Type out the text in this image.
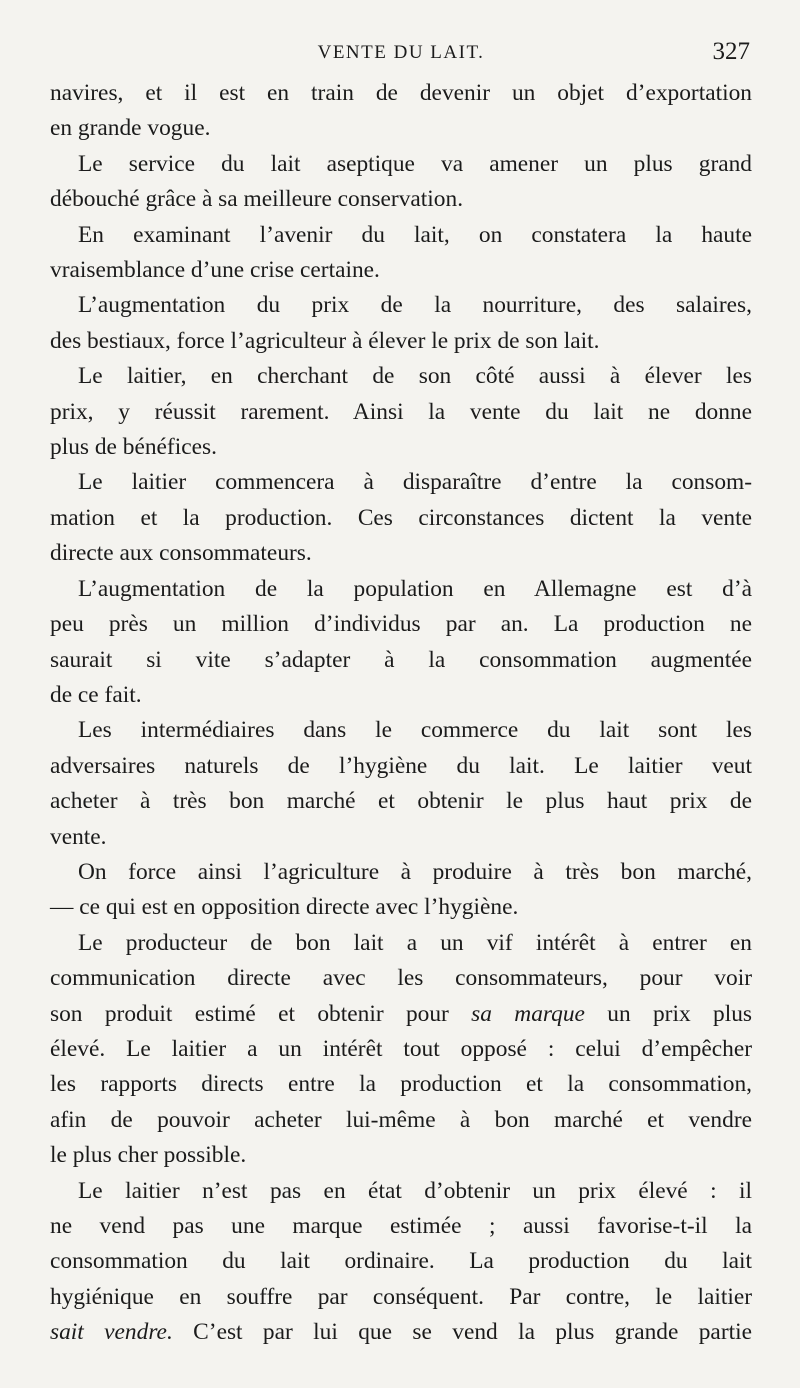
VENTE DU LAIT.	327

navires, et il est en train de devenir un objet d’exportation
en grande vogue.

Le service du lait aseptique va amener un plus grand
débouché grâce à sa meilleure conservation.

En examinant l’avenir du lait, on constatera la haute
vraisemblance d’une crise certaine.

L’augmentation du prix de la nourriture, des salaires,
des bestiaux, force l’agriculteur à élever le prix de son lait.

Le laitier, en cherchant de son côté aussi à élever les
prix, y réussit rarement. Ainsi la vente du lait ne donne
plus de bénéfices.

Le laitier commencera à disparaître d’entre la consom-
mation et la production. Ces circonstances dictent la vente
directe aux consommateurs.

L’augmentation de la population en Allemagne est d’à
peu près un million d’individus par an. La production ne
saurait si vite s’adapter à la consommation augmentée
de ce fait.

Les intermédiaires dans le commerce du lait sont les
adversaires naturels de l’hygiène du lait. Le laitier veut
acheter à très bon marché et obtenir le plus haut prix de
vente.

On force ainsi l’agriculture à produire à très bon marché,
— ce qui est en opposition directe avec l’hygiène.

Le producteur de bon lait a un vif intérêt à entrer en
communication directe avec les consommateurs, pour voir
son produit estimé et obtenir pour sa marque un prix plus
élevé. Le laitier a un intérêt tout opposé : celui d’empêcher
les rapports directs entre la production et la consommation,
afin de pouvoir acheter lui-même à bon marché et vendre
le plus cher possible.

Le laitier n’est pas en état d’obtenir un prix élevé : il
ne vend pas une marque estimée ; aussi favorise-t-il la
consommation du lait ordinaire. La production du lait
hygiénique en souffre par conséquent. Par contre, le laitier
sait vendre. C’est par lui que se vend la plus grande partie
